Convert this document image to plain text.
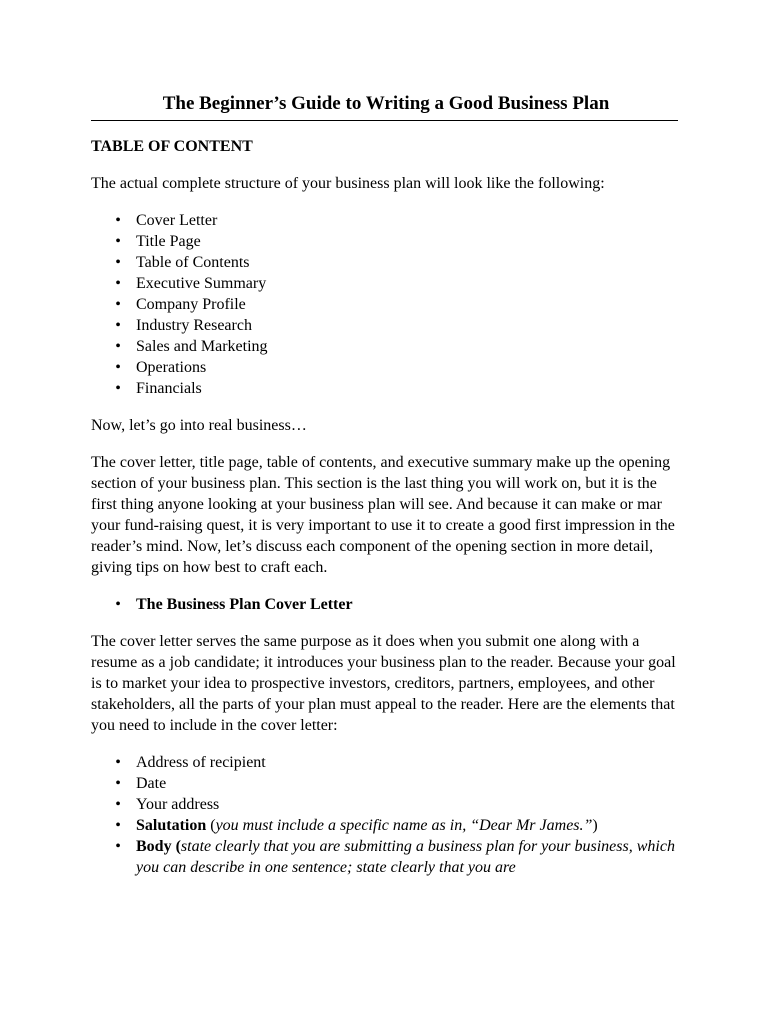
The Beginner’s Guide to Writing a Good Business Plan

TABLE OF CONTENT

The actual complete structure of your business plan will look like the following:

•
Cover Letter
•
Title Page
•
Table of Contents
•
Executive Summary
•
Company Profile
•
Industry Research
•
Sales and Marketing
•
Operations
•
Financials

Now, let’s go into real business…

The cover letter, title page, table of contents, and executive summary make up the opening section of your business plan. This section is the last thing you will work on, but it is the first thing anyone looking at your business plan will see. And because it can make or mar your fund-raising quest, it is very important to use it to create a good first impression in the reader’s mind. Now, let’s discuss each component of the opening section in more detail, giving tips on how best to craft each.

•
The Business Plan Cover Letter

The cover letter serves the same purpose as it does when you submit one along with a resume as a job candidate; it introduces your business plan to the reader. Because your goal is to market your idea to prospective investors, creditors, partners, employees, and other stakeholders, all the parts of your plan must appeal to the reader. Here are the elements that you need to include in the cover letter:

•
Address of recipient
•
Date
•
Your address
•
Salutation (you must include a specific name as in, “Dear Mr James.”)
•
Body (state clearly that you are submitting a business plan for your business, which you can describe in one sentence; state clearly that you are
